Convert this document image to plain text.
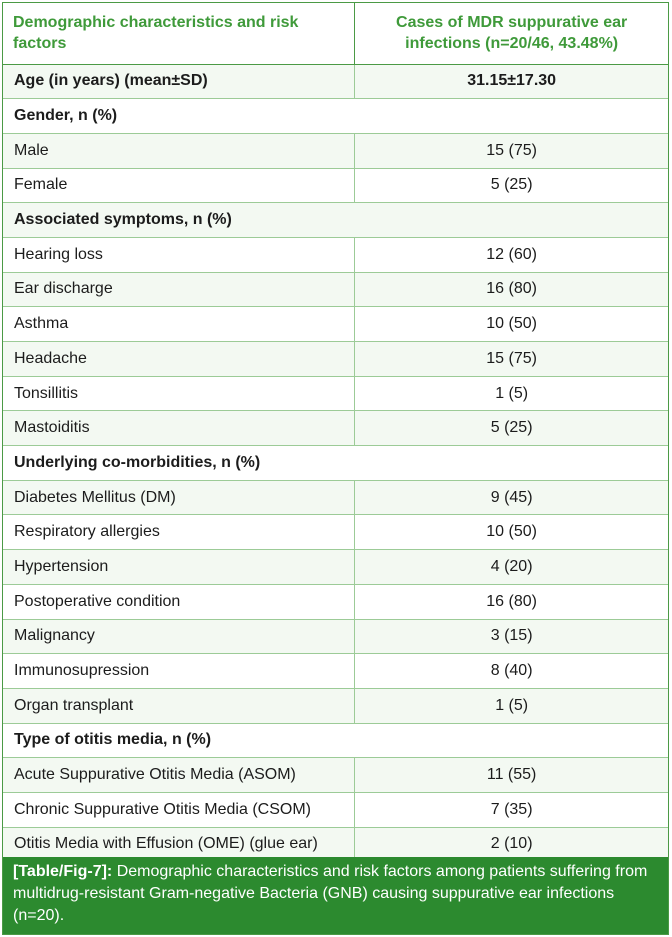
Demographic characteristics and risk factors	Cases of MDR suppurative ear infections (n=20/46, 43.48%)
Age (in years) (mean±SD)	31.15±17.30
Gender, n (%)	
Male	15 (75)
Female	5 (25)
Associated symptoms, n (%)	
Hearing loss	12 (60)
Ear discharge	16 (80)
Asthma	10 (50)
Headache	15 (75)
Tonsillitis	1 (5)
Mastoiditis	5 (25)
Underlying co-morbidities, n (%)	
Diabetes Mellitus (DM)	9 (45)
Respiratory allergies	10 (50)
Hypertension	4 (20)
Postoperative condition	16 (80)
Malignancy	3 (15)
Immunosupression	8 (40)
Organ transplant	1 (5)
Type of otitis media, n (%)	
Acute Suppurative Otitis Media (ASOM)	11 (55)
Chronic Suppurative Otitis Media (CSOM)	7 (35)
Otitis Media with Effusion (OME) (glue ear)	2 (10)
[Table/Fig-7]: Demographic characteristics and risk factors among patients suffering from multidrug-resistant Gram-negative Bacteria (GNB) causing suppurative ear infections (n=20).
